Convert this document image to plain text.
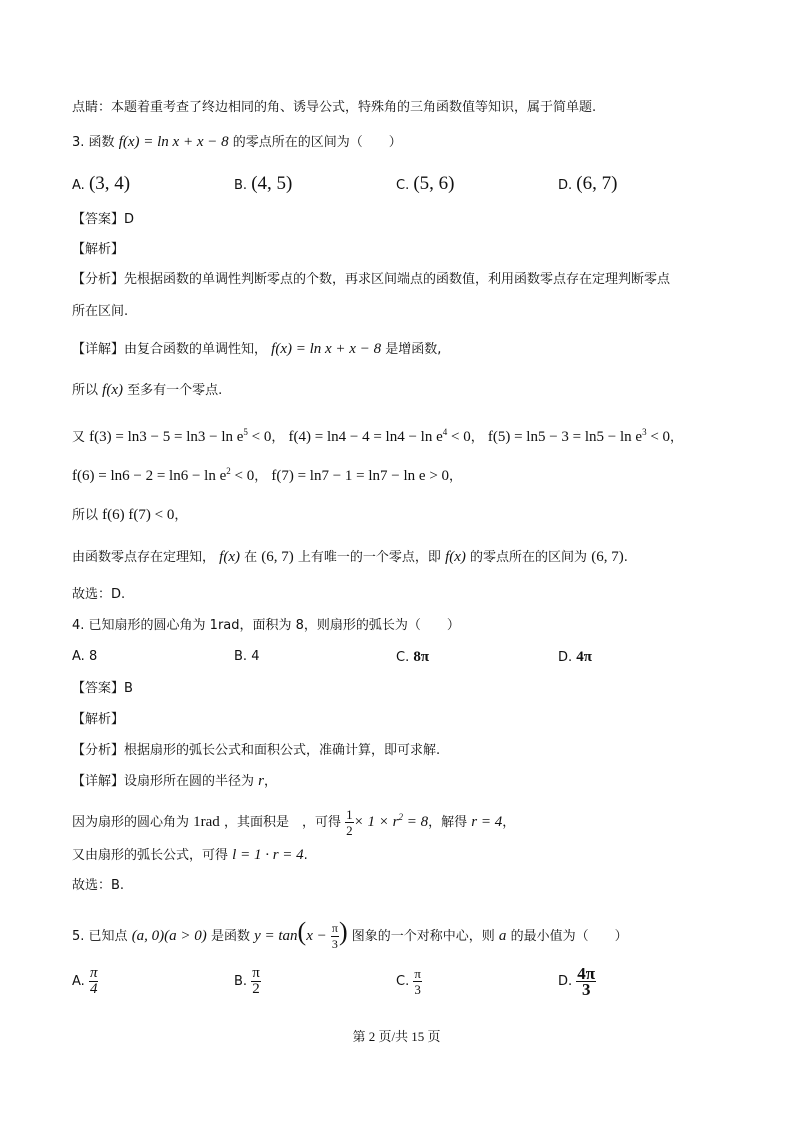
点睛：本题着重考查了终边相同的角、诱导公式，特殊角的三角函数值等知识，属于简单题.
3. 函数 f(x) = ln x + x − 8 的零点所在的区间为（　　）
A. (3, 4)	B. (4, 5)	C. (5, 6)	D. (6, 7)
【答案】D
【解析】
【分析】先根据函数的单调性判断零点的个数，再求区间端点的函数值，利用函数零点存在定理判断零点
所在区间.
【详解】由复合函数的单调性知， f(x) = ln x + x − 8 是增函数,
所以 f(x) 至多有一个零点.
又 $f(3) = \ln 3 - 5 = \ln 3 - \ln e^5 < 0$， $f(4) = \ln 4 - 4 = \ln 4 - \ln e^4 < 0$， $f(5) = \ln 5 - 3 = \ln 5 - \ln e^3 < 0$，
$f(6) = \ln 6 - 2 = \ln 6 - \ln e^2 < 0$， f(7) = ln7 − 1 = ln7 − ln e > 0，
所以 f(6) f(7) < 0，
由函数零点存在定理知， f(x) 在 (6, 7) 上有唯一的一个零点，即 f(x) 的零点所在的区间为 (6, 7).
故选：D.
4. 已知扇形的圆心角为 1rad，面积为 8，则扇形的弧长为（　　）
A. 8	B. 4	C. 8π	D. 4π
【答案】B
【解析】
【分析】根据扇形的弧长公式和面积公式，准确计算，即可求解.
【详解】设扇形所在圆的半径为 r，
因为扇形的圆心角为 1rad ，其面积是　，可得 $\frac{1}{2} \times 1 \times r^2 = 8$，解得 r = 4，
又由扇形的弧长公式，可得 l = 1 · r = 4.
故选：B.
5. 已知点 (a, 0)(a > 0) 是函数 $y = \tan(x - \frac{\pi}{3}$ ) 图象的一个对称中心，则 a 的最小值为（　　）
A. $\frac{\pi}{4}$	B. $\frac{\pi}{2}$	C. $\frac{\pi}{3}$	D. $\frac{4\pi}{3}$
第 2 页/共 15 页
